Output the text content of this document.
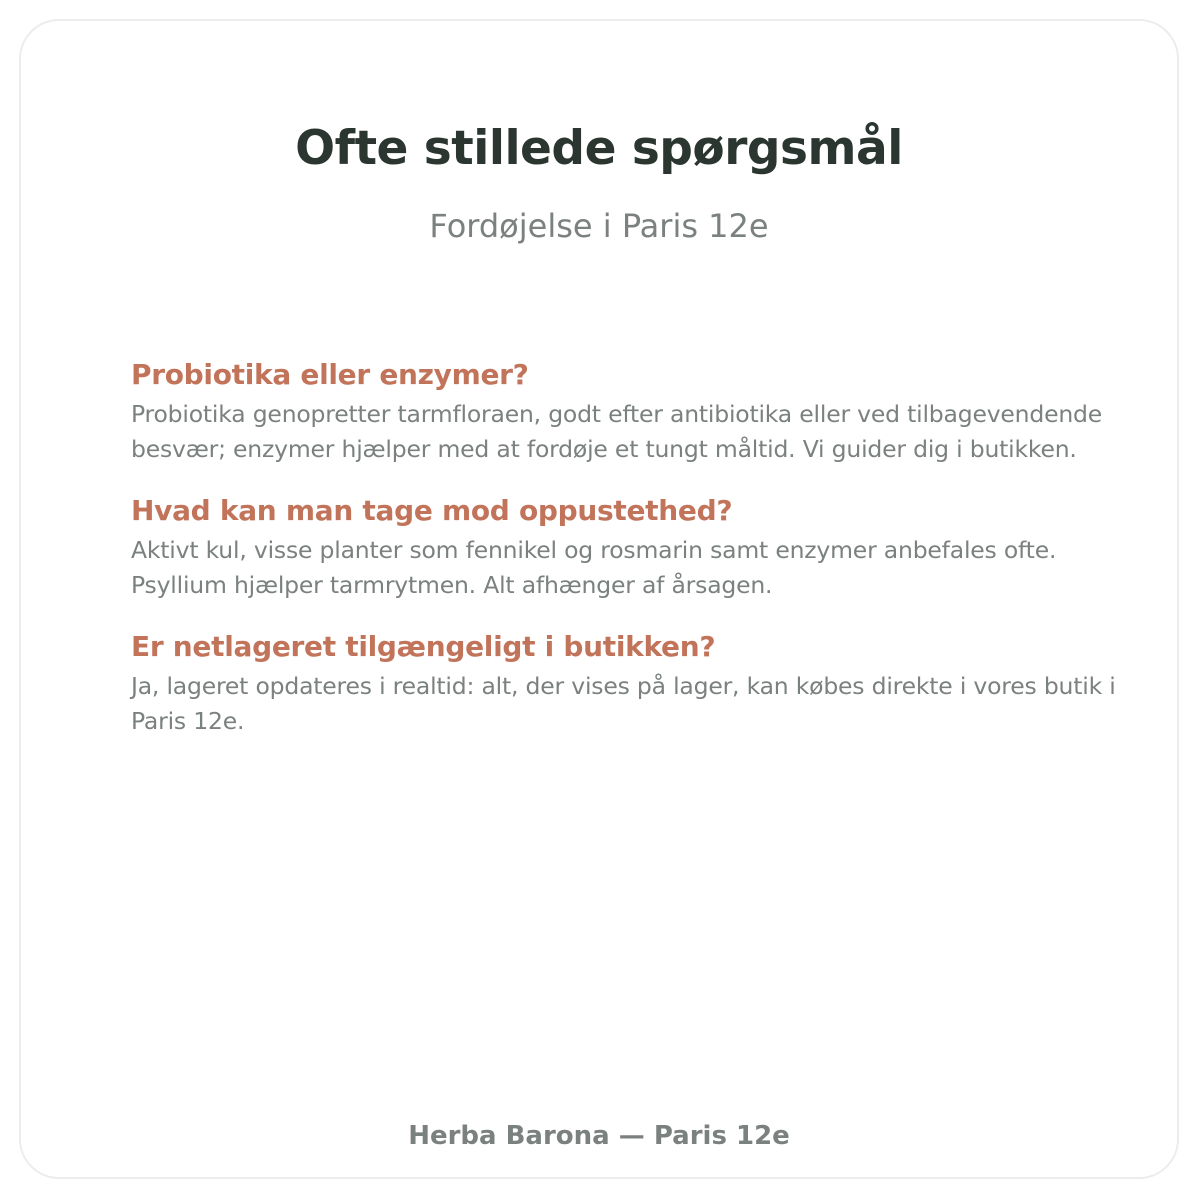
Ofte stillede spørgsmål
Fordøjelse i Paris 12e
Probiotika eller enzymer?

Probiotika genopretter tarmfloraen, godt efter antibiotika eller ved tilbagevendende besvær; enzymer hjælper med at fordøje et tungt måltid. Vi guider dig i butikken.

Hvad kan man tage mod oppustethed?

Aktivt kul, visse planter som fennikel og rosmarin samt enzymer anbefales ofte. Psyllium hjælper tarmrytmen. Alt afhænger af årsagen.

Er netlageret tilgængeligt i butikken?

Ja, lageret opdateres i realtid: alt, der vises på lager, kan købes direkte i vores butik i Paris 12e.

Herba Barona — Paris 12e
